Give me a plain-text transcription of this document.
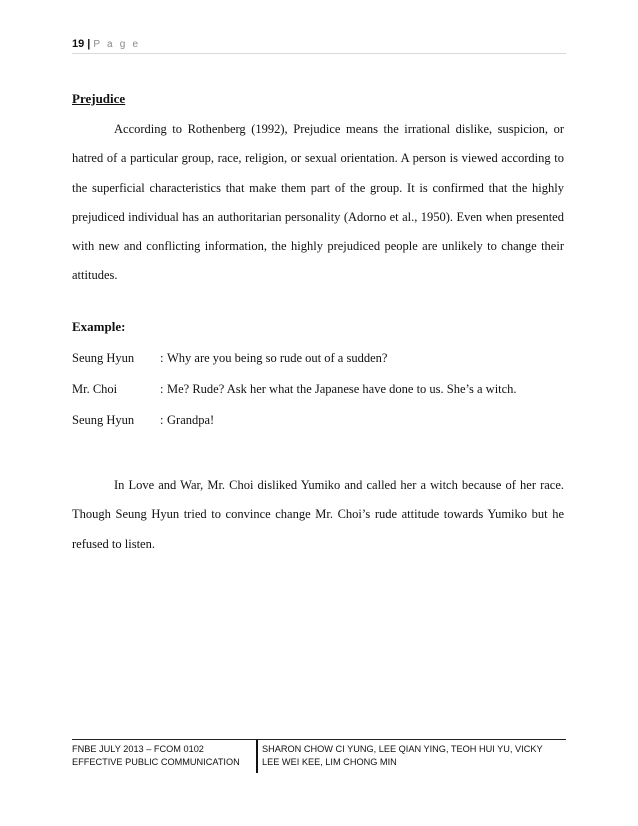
19 | P a g e
Prejudice

According to Rothenberg (1992), Prejudice means the irrational dislike, suspicion, or hatred of a particular group, race, religion, or sexual orientation. A person is viewed according to the superficial characteristics that make them part of the group. It is confirmed that the highly prejudiced individual has an authoritarian personality (Adorno et al., 1950). Even when presented with new and conflicting information, the highly prejudiced people are unlikely to change their attitudes.

Example:
Seung Hyun : Why are you being so rude out of a sudden?
Mr. Choi	: Me? Rude? Ask her what the Japanese have done to us. She’s a witch.
Seung Hyun : Grandpa!

In Love and War, Mr. Choi disliked Yumiko and called her a witch because of her race. Though Seung Hyun tried to convince change Mr. Choi’s rude attitude towards Yumiko but he refused to listen.

FNBE JULY 2013 – FCOM 0102
EFFECTIVE PUBLIC COMMUNICATION
SHARON CHOW CI YUNG, LEE QIAN YING, TEOH HUI YU, VICKY
LEE WEI KEE, LIM CHONG MIN
